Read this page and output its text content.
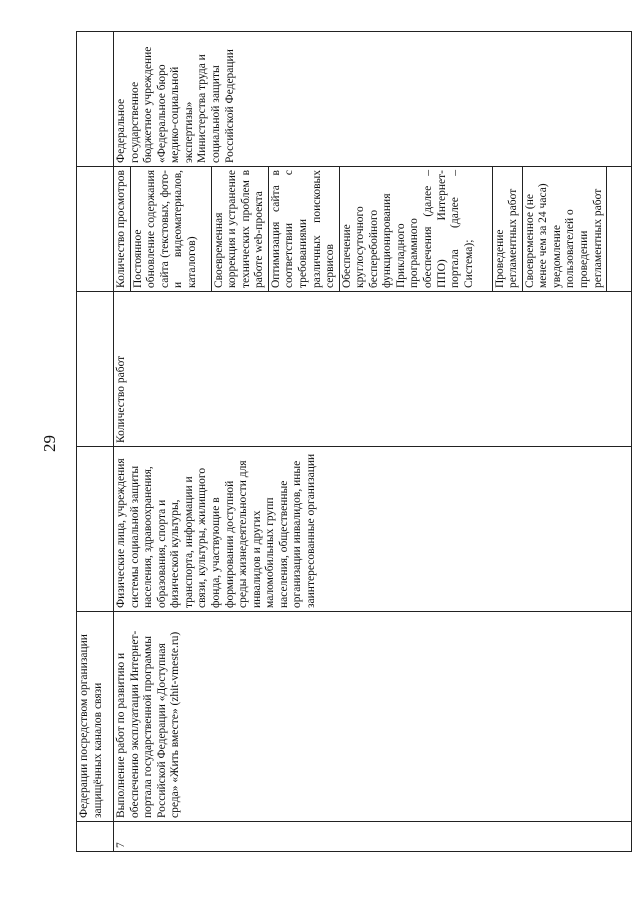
29
	Федерации посредством организации защищённых каналов связи				
7	Выполнение работ по развитию и обеспечению эксплуатации Интернет-портала государственной программы Российской Федерации «Доступная среда» «Жить вместе» (zhit-vmeste.ru)	Физические лица, учреждения системы социальной защиты населения, здравоохранения, образования, спорта и физической культуры, транспорта, информации и связи, культуры, жилищного фонда, участвующие в формировании доступной среды жизнедеятельности для инвалидов и других маломобильных групп населения, общественные организации инвалидов, иные заинтересованные организации	Количество работ	Количество просмотров	Федеральное государственное бюджетное учреждение «Федеральное бюро медико-социальной экспертизы» Министерства труда и социальной защиты Российской Федерации
				Постоянное обновление содержания сайта (текстовых, фото- и видеоматериалов, каталогов)	
				Своевременная коррекция и устранение технических проблем в работе web-проекта	
				Оптимизация сайта в соответствии с требованиями различных поисковых сервисов	
				Обеспечение круглосуточного бесперебойного функционирования Прикладного программного обеспечения (далее – ППО) Интернет-портала (далее – Система);	
				Проведение регламентных работ	
				Своевременное (не менее чем за 24 часа) уведомление пользователей о проведении регламентных работ	
